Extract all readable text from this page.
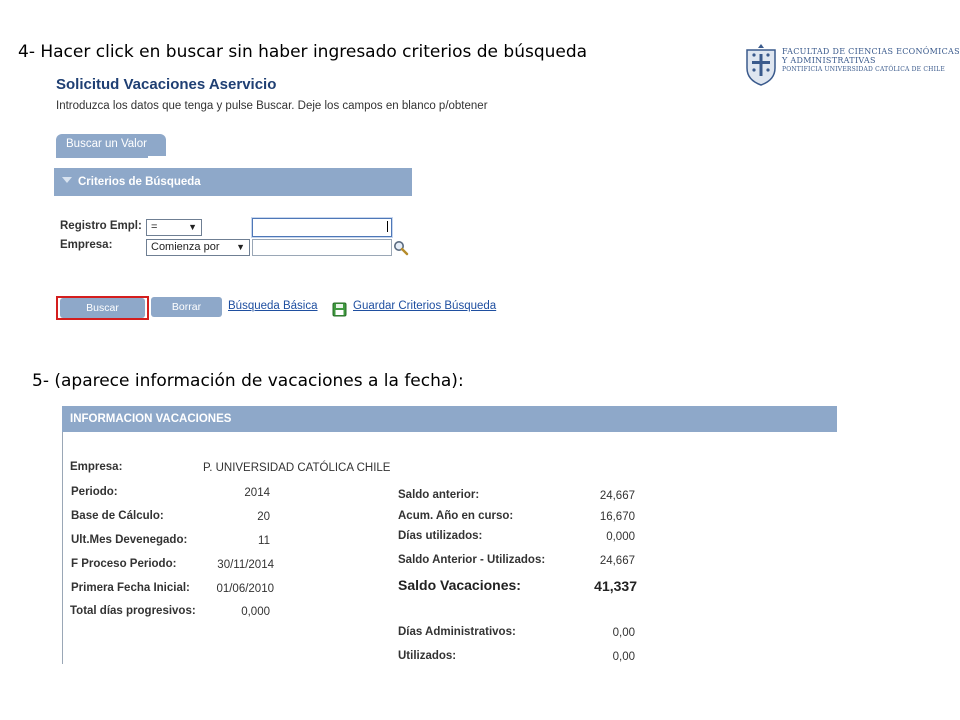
4- Hacer click en buscar sin haber ingresado criterios de búsqueda	FACULTAD DE CIENCIAS ECONÓMICAS
Y ADMINISTRATIVAS
PONTIFICIA UNIVERSIDAD CATÓLICA DE CHILE
Solicitud Vacaciones Aservicio
Introduzca los datos que tenga y pulse Buscar. Deje los campos en blanco p/obtener
Buscar un Valor
Criterios de Búsqueda
Registro Empl: =	▼
Empresa:	Comienza por ▼
Buscar	Borrar	Búsqueda Básica	Guardar Criterios Búsqueda
5- (aparece información de vacaciones a la fecha):
INFORMACION VACACIONES
Empresa:	P. UNIVERSIDAD CATÓLICA CHILE
Periodo:	2014
Base de Cálculo:	20
Ult.Mes Devenegado:	11
F Proceso Periodo:	30/11/2014
Primera Fecha Inicial:	01/06/2010
Total días progresivos:	0,000
Saldo anterior:	24,667
Acum. Año en curso:	16,670
Días utilizados:	0,000
Saldo Anterior - Utilizados:	24,667
Saldo Vacaciones:	41,337
Días Administrativos:	0,00
Utilizados:	0,00
